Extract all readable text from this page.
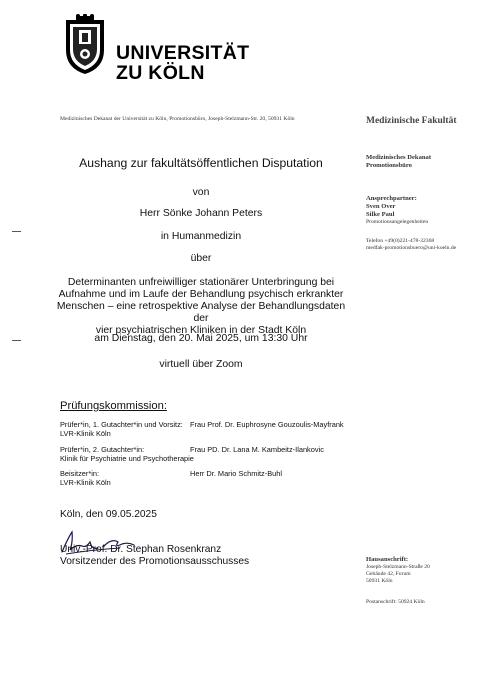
UNIVERSITÄT
ZU KÖLN
Medizinisches Dekanat der Universität zu Köln, Promotionsbüro, Joseph-Stelzmann-Str. 20, 50931 Köln	Medizinische Fakultät
Medizinisches Dekanat
Promotionsbüro
Ansprechpartner:
Sven Over
Silke Paul
Promotionsangelegenheiten
Telefon +49(0)221-478-32368
medfak-promotionsbuero@uni-koeln.de
Hausanschrift:
Joseph-Stelzmann-Straße 20
Gebäude 42, Forum
50931 Köln
Postanschrift: 50924 Köln
Aushang zur fakultätsöffentlichen Disputation
von
Herr Sönke Johann Peters
in Humanmedizin
über
Determinanten unfreiwilliger stationärer Unterbringung bei
Aufnahme und im Laufe der Behandlung psychisch erkrankter
Menschen – eine retrospektive Analyse der Behandlungsdaten der
vier psychiatrischen Kliniken in der Stadt Köln
am Dienstag, den 20. Mai 2025, um 13:30 Uhr
virtuell über Zoom
Prüfungskommission:
Prüfer*in, 1. Gutachter*in und Vorsitz:
LVR-Klinik Köln
Frau Prof. Dr. Euphrosyne Gouzoulis-Mayfrank
Prüfer*in, 2. Gutachter*in:
Klinik für Psychiatrie und Psychotherapie
Frau PD. Dr. Lana M. Kambeitz-Ilankovic
Beisitzer*in:
LVR-Klinik Köln
Herr Dr. Mario Schmitz-Buhl
Köln, den 09.05.2025
Univ.-Prof. Dr. Stephan Rosenkranz
Vorsitzender des Promotionsausschusses
